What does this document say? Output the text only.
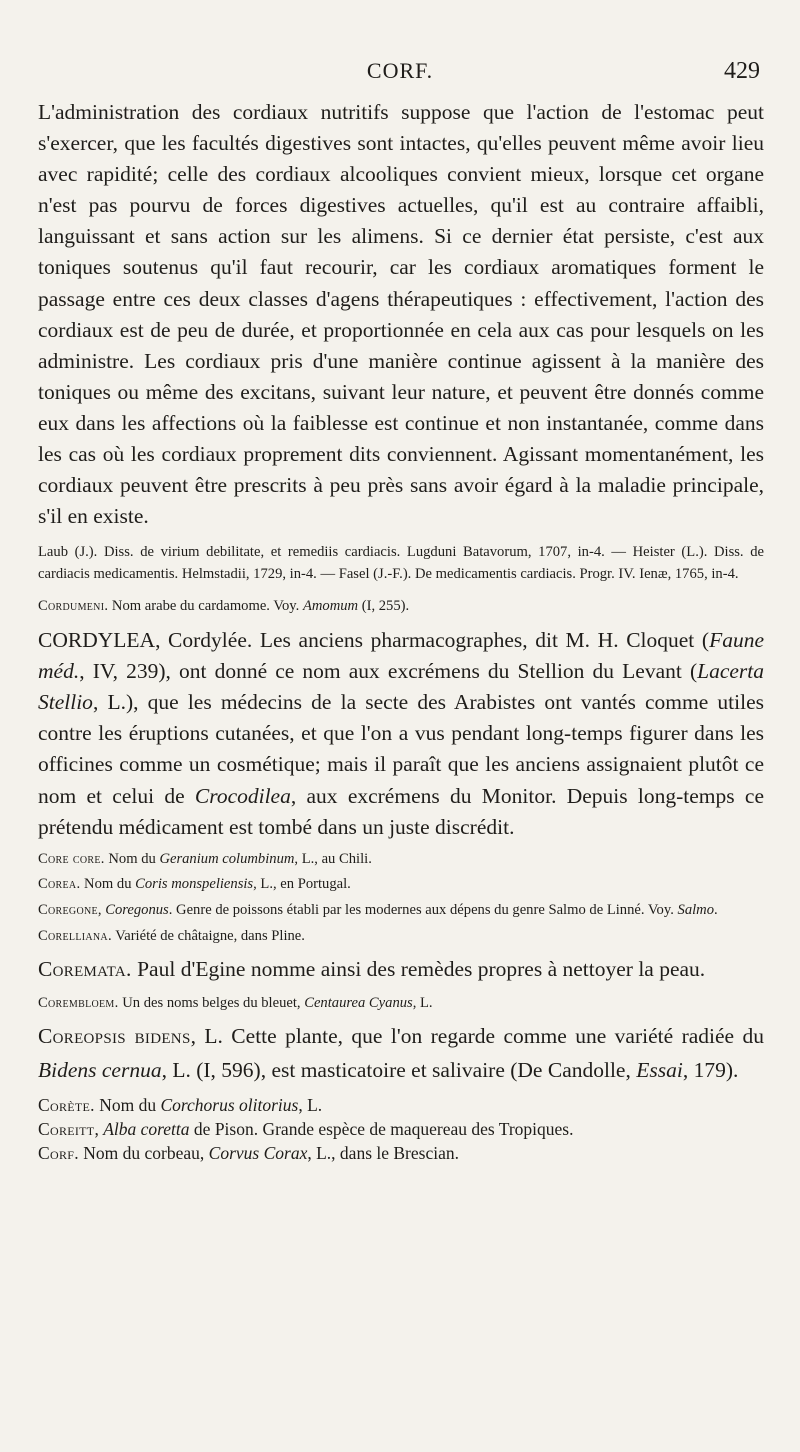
CORF.	429

L'administration des cordiaux nutritifs suppose que l'action de l'estomac peut s'exercer, que les facultés digestives sont intactes, qu'elles peuvent même avoir lieu avec rapidité; celle des cordiaux alcooliques convient mieux, lorsque cet organe n'est pas pourvu de forces digestives actuelles, qu'il est au contraire affaibli, languissant et sans action sur les alimens. Si ce dernier état persiste, c'est aux toniques soutenus qu'il faut recourir, car les cordiaux aromatiques forment le passage entre ces deux classes d'agens thérapeutiques : effectivement, l'action des cordiaux est de peu de durée, et proportionnée en cela aux cas pour lesquels on les administre. Les cordiaux pris d'une manière continue agissent à la manière des toniques ou même des excitans, suivant leur nature, et peuvent être donnés comme eux dans les affections où la faiblesse est continue et non instantanée, comme dans les cas où les cordiaux proprement dits conviennent. Agissant momentanément, les cordiaux peuvent être prescrits à peu près sans avoir égard à la maladie principale, s'il en existe.

Laub (J.). Diss. de virium debilitate, et remediis cardiacis. Lugduni Batavorum, 1707, in-4. — Heister (L.). Diss. de cardiacis medicamentis. Helmstadii, 1729, in-4. — Fasel (J.-F.). De medicamentis cardiacis. Progr. IV. Ienæ, 1765, in-4.

Cordumeni. Nom arabe du cardamome. Voy. Amomum (I, 255).

CORDYLEA, Cordylée. Les anciens pharmacographes, dit M. H. Cloquet (Faune méd., IV, 239), ont donné ce nom aux excrémens du Stellion du Levant (Lacerta Stellio, L.), que les médecins de la secte des Arabistes ont vantés comme utiles contre les éruptions cutanées, et que l'on a vus pendant long-temps figurer dans les officines comme un cosmétique; mais il paraît que les anciens assignaient plutôt ce nom et celui de Crocodilea, aux excrémens du Monitor. Depuis long-temps ce prétendu médicament est tombé dans un juste discrédit.

Core core. Nom du Geranium columbinum, L., au Chili.

Corea. Nom du Coris monspeliensis, L., en Portugal.

Coregone, Coregonus. Genre de poissons établi par les modernes aux dépens du genre Salmo de Linné. Voy. Salmo.

Corelliana. Variété de châtaigne, dans Pline.

Coremata. Paul d'Egine nomme ainsi des remèdes propres à nettoyer la peau.

Corembloem. Un des noms belges du bleuet, Centaurea Cyanus, L.

Coreopsis bidens, L. Cette plante, que l'on regarde comme une variété radiée du Bidens cernua, L. (I, 596), est masticatoire et salivaire (De Candolle, Essai, 179).

Corète. Nom du Corchorus olitorius, L.

Coreitt, Alba coretta de Pison. Grande espèce de maquereau des Tropiques.

Corf. Nom du corbeau, Corvus Corax, L., dans le Brescian.
